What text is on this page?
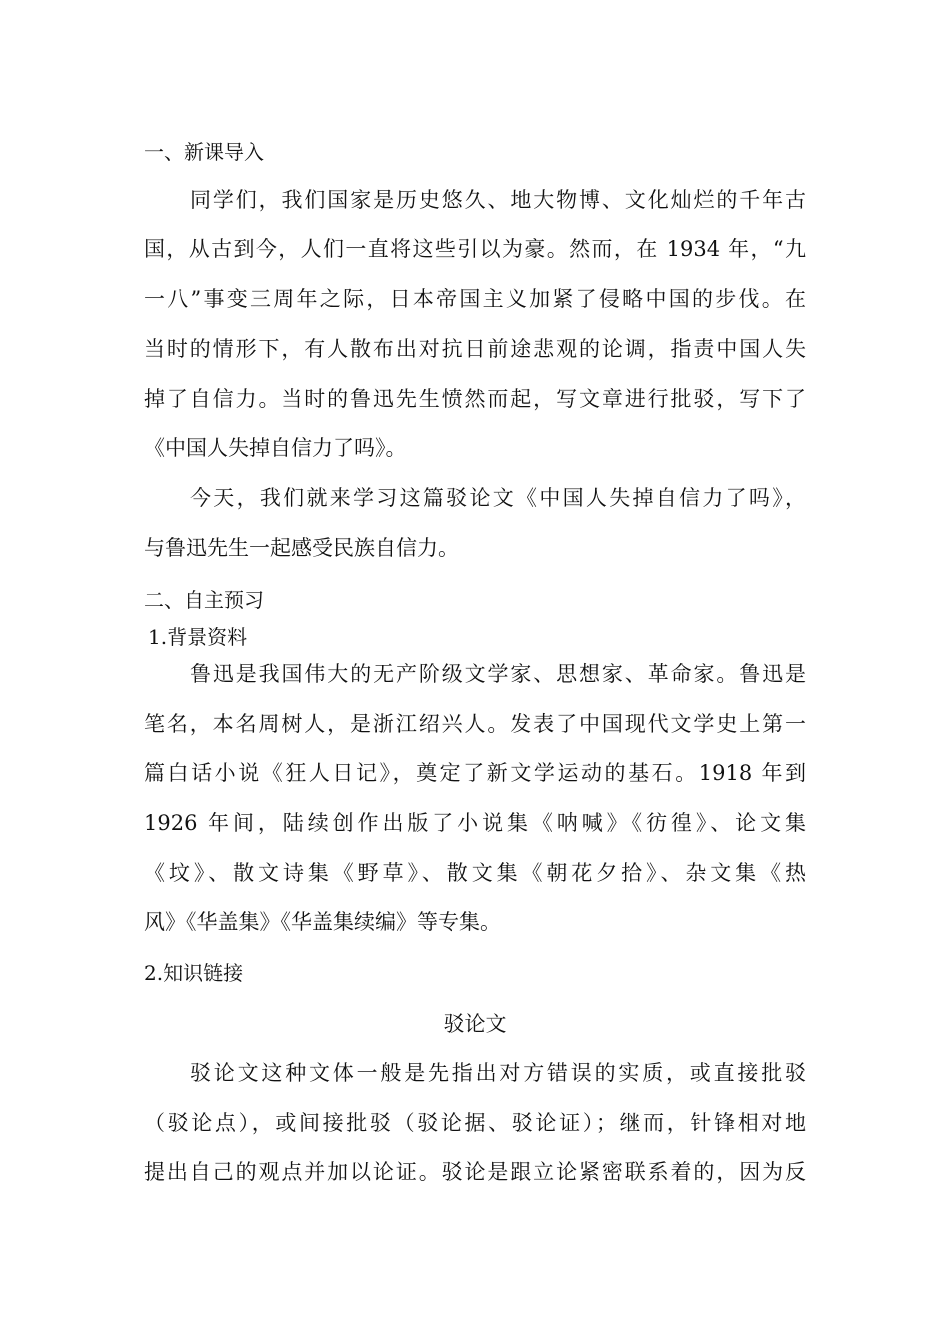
一、新课导入
同学们，我们国家是历史悠久、地大物博、文化灿烂的千年古
国，从古到今，人们一直将这些引以为豪。然而，在 1934 年，“九
一八”事变三周年之际，日本帝国主义加紧了侵略中国的步伐。在
当时的情形下，有人散布出对抗日前途悲观的论调，指责中国人失
掉了自信力。当时的鲁迅先生愤然而起，写文章进行批驳，写下了
《中国人失掉自信力了吗》。
今天，我们就来学习这篇驳论文《中国人失掉自信力了吗》，
与鲁迅先生一起感受民族自信力。
二、自主预习
1.背景资料
鲁迅是我国伟大的无产阶级文学家、思想家、革命家。鲁迅是
笔名，本名周树人，是浙江绍兴人。发表了中国现代文学史上第一
篇白话小说《狂人日记》，奠定了新文学运动的基石。1918 年到
1926 年间，陆续创作出版了小说集《呐喊》《彷徨》、论文集
《坟》、散文诗集《野草》、散文集《朝花夕拾》、杂文集《热
风》《华盖集》《华盖集续编》等专集。
2.知识链接
驳论文
驳论文这种文体一般是先指出对方错误的实质，或直接批驳
（驳论点），或间接批驳（驳论据、驳论证）；继而，针锋相对地
提出自己的观点并加以论证。驳论是跟立论紧密联系着的，因为反
